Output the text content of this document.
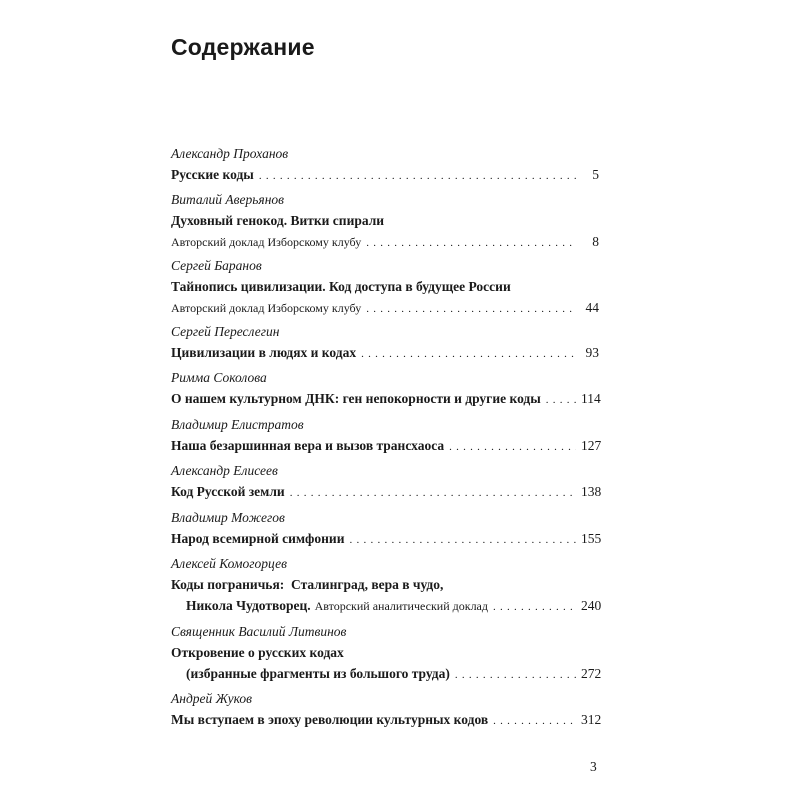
Содержание
Александр Проханов
Русские коды . . .	5
Виталий Аверьянов
Духовный генокод. Витки спирали
Авторский доклад Изборскому клубу . . .	8
Сергей Баранов
Тайнопись цивилизации. Код доступа в будущее России
Авторский доклад Изборскому клубу . . .	44
Сергей Переслегин
Цивилизации в людях и кодах . . .	93
Римма Соколова
О нашем культурном ДНК: ген непокорности и другие коды . . .	114
Владимир Елистратов
Наша безаршинная вера и вызов трансхаоса . . .	127
Александр Елисеев
Код Русской земли . . .	138
Владимир Можегов
Народ всемирной симфонии . . .	155
Алексей Комогорцев
Коды пограничья:  Сталинград, вера в чудо,
Никола Чудотворец. Авторский аналитический доклад . . .	240
Священник Василий Литвинов
Откровение о русских кодах
(избранные фрагменты из большого труда) . . .	272
Андрей Жуков
Мы вступаем в эпоху революции культурных кодов . . .	312
3
